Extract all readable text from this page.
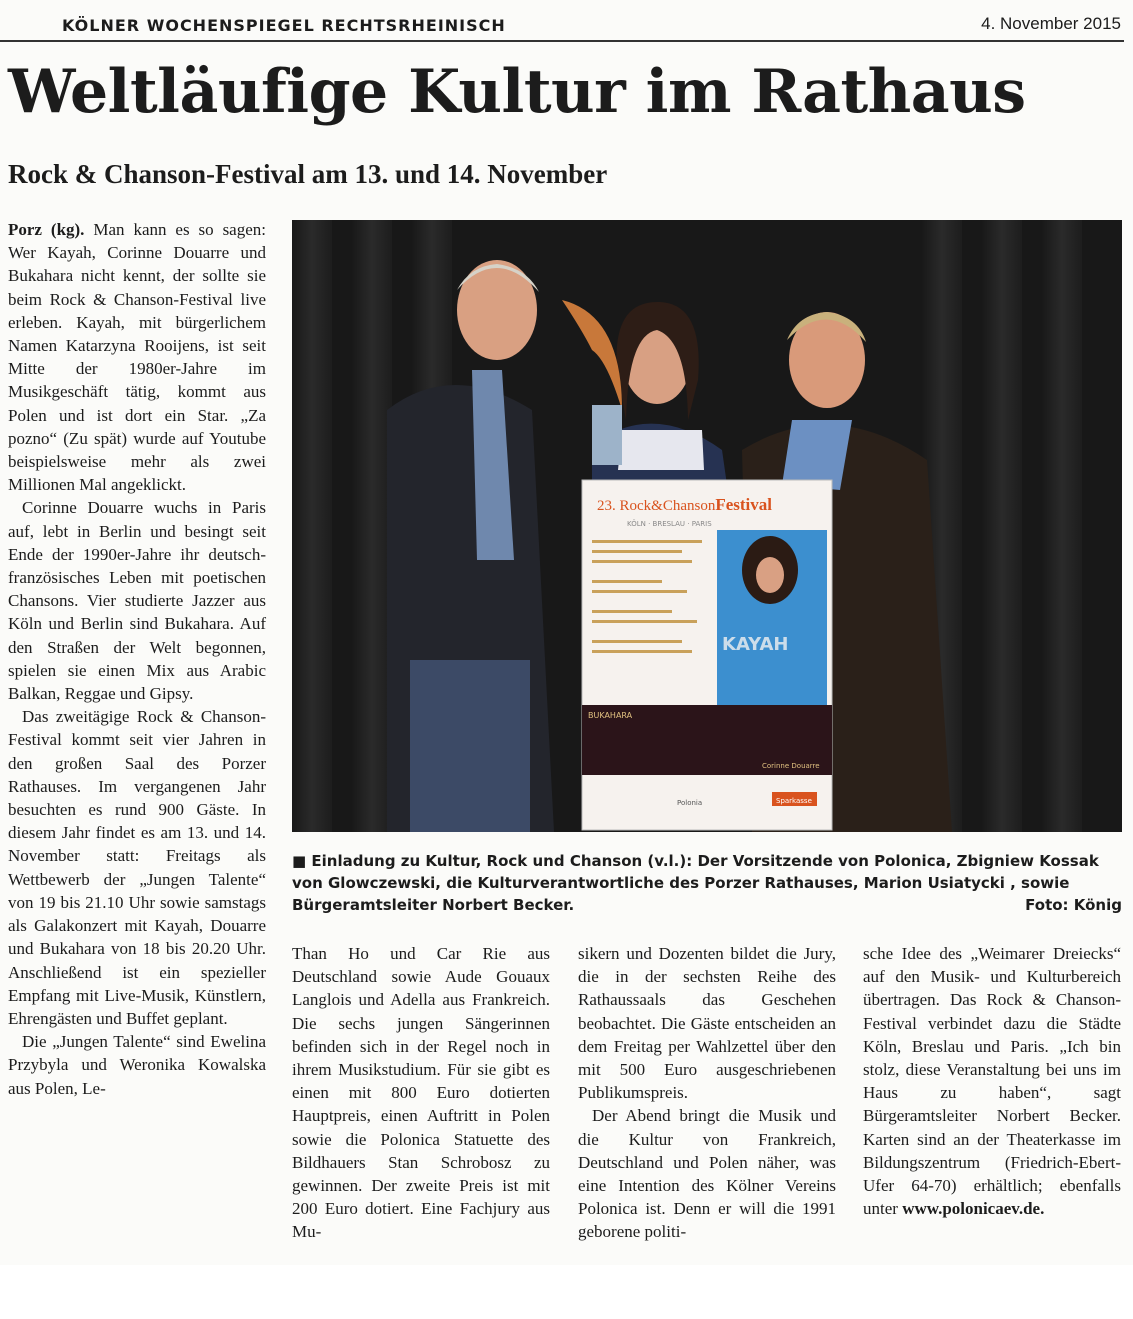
KÖLNER WOCHENSPIEGEL RECHTSRHEINISCH	4. November 2015
Weltläufige Kultur im Rathaus
Rock & Chanson-Festival am 13. und 14. November

Porz (kg). Man kann es so sagen: Wer Kayah, Corinne Douarre und Bukahara nicht kennt, der sollte sie beim Rock & Chanson-Festival live erleben. Kayah, mit bürgerlichem Namen Katarzyna Rooijens, ist seit Mitte der 1980er-Jahre im Musikgeschäft tätig, kommt aus Polen und ist dort ein Star. „Za pozno“ (Zu spät) wurde auf Youtube beispielsweise mehr als zwei Millionen Mal angeklickt.

Corinne Douarre wuchs in Paris auf, lebt in Berlin und besingt seit Ende der 1990er-Jahre ihr deutsch-französisches Leben mit poetischen Chansons. Vier studierte Jazzer aus Köln und Berlin sind Bukahara. Auf den Straßen der Welt begonnen, spielen sie einen Mix aus Arabic Balkan, Reggae und Gipsy.

Das zweitägige Rock & Chanson-Festival kommt seit vier Jahren in den großen Saal des Porzer Rathauses. Im vergangenen Jahr besuchten es rund 900 Gäste. In diesem Jahr findet es am 13. und 14. November statt: Freitags als Wettbewerb der „Jungen Talente“ von 19 bis 21.10 Uhr sowie samstags als Galakonzert mit Kayah, Douarre und Bukahara von 18 bis 20.20 Uhr. Anschließend ist ein spezieller Empfang mit Live-Musik, Künstlern, Ehrengästen und Buffet geplant.

Die „Jungen Talente“ sind Ewelina Przybyla und Weronika Kowalska aus Polen, Le-

23. Rock&ChansonFestival
KÖLN · BRESLAU · PARIS
KAYAH
BUKAHARA
Corinne Douarre
Polonia	Sparkasse
■ Einladung zu Kultur, Rock und Chanson (v.l.): Der Vorsitzende von Polonica, Zbigniew Kossak von Glowczewski, die Kulturverantwortliche des Porzer Rathauses, Marion Usiatycki , sowie Bürgeramtsleiter Norbert Becker.	Foto: König

Than Ho und Car Rie aus Deutschland sowie Aude Gouaux Langlois und Adella aus Frankreich. Die sechs jungen Sängerinnen befinden sich in der Regel noch in ihrem Musikstudium. Für sie gibt es einen mit 800 Euro dotierten Hauptpreis, einen Auftritt in Polen sowie die Polonica Statuette des Bildhauers Stan Schrobosz zu gewinnen. Der zweite Preis ist mit 200 Euro dotiert. Eine Fachjury aus Mu-

sikern und Dozenten bildet die Jury, die in der sechsten Reihe des Rathaussaals das Geschehen beobachtet. Die Gäste entscheiden an dem Freitag per Wahlzettel über den mit 500 Euro ausgeschriebenen Publikumspreis.

Der Abend bringt die Musik und die Kultur von Frankreich, Deutschland und Polen näher, was eine Intention des Kölner Vereins Polonica ist. Denn er will die 1991 geborene politi-

sche Idee des „Weimarer Dreiecks“ auf den Musik- und Kulturbereich übertragen. Das Rock & Chanson-Festival verbindet dazu die Städte Köln, Breslau und Paris. „Ich bin stolz, diese Veranstaltung bei uns im Haus zu haben“, sagt Bürgeramtsleiter Norbert Becker. Karten sind an der Theaterkasse im Bildungszentrum (Friedrich-Ebert-Ufer 64-70) erhältlich; ebenfalls unter www.polonicaev.de.
